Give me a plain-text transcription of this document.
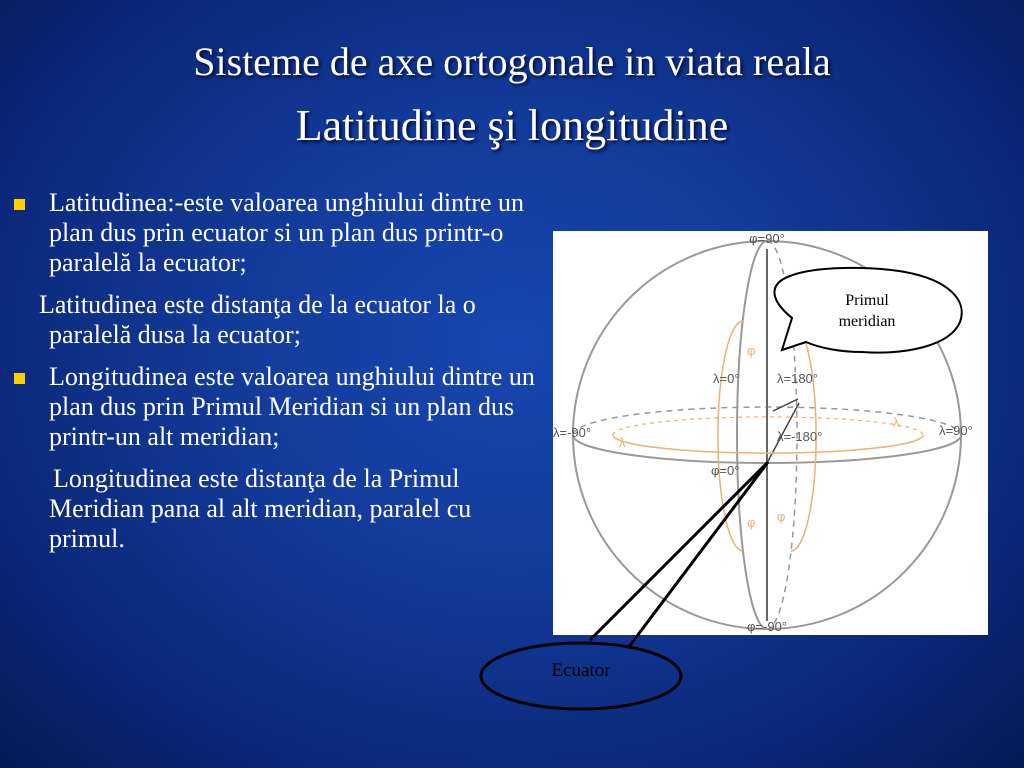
Sisteme de axe ortogonale in viata reala
Latitudine şi longitudine
Latitudinea:-este valoarea unghiului dintre un plan dus prin ecuator si un plan dus printr-o paralelă la ecuator;
Latitudinea este distanţa de la ecuator la o paralelă dusa la ecuator;
Longitudinea este valoarea unghiului dintre un plan dus prin Primul Meridian si un plan dus printr-un alt meridian;
Longitudinea este distanţa de la Primul Meridian pana al alt meridian, paralel cu primul.
φ=90°
φ=-90°
φ=0°
λ=0°	λ=180°
λ=-180°
λ=-90°	λ=90°
φ
φ φ
λ
λ
Primul
meridian
Ecuator
